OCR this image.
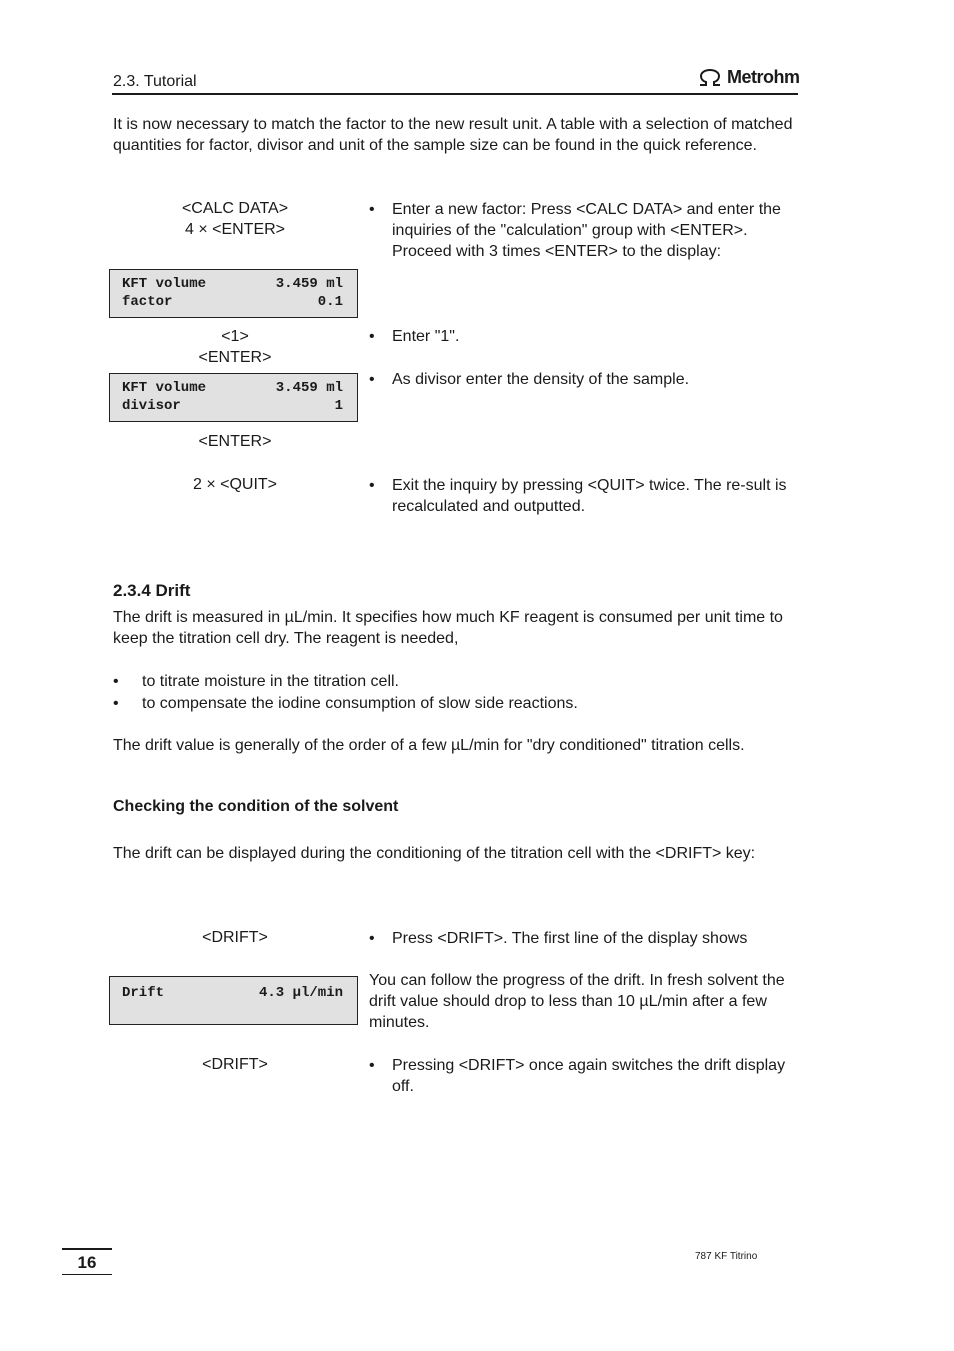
2.3. Tutorial	Metrohm
It is now necessary to match the factor to the new result unit. A table with a selection of matched quantities for factor, divisor and unit of the sample size can be found in the quick reference.
<CALC DATA>
4 × <ENTER>
• Enter a new factor: Press <CALC DATA> and enter the inquiries of the "calculation" group with <ENTER>. Proceed with 3 times <ENTER> to the display:
KFT volume	3.459 ml
factor	0.1
<1>
<ENTER>
• Enter "1".
KFT volume	3.459 ml
divisor	1
• As divisor enter the density of the sample.
<ENTER>
2 × <QUIT>	• Exit the inquiry by pressing <QUIT> twice. The re-sult is recalculated and outputted.
2.3.4 Drift
The drift is measured in µL/min. It specifies how much KF reagent is consumed per unit time to keep the titration cell dry. The reagent is needed,
• to titrate moisture in the titration cell.
• to compensate the iodine consumption of slow side reactions.
The drift value is generally of the order of a few µL/min for "dry conditioned" titration cells.
Checking the condition of the solvent
The drift can be displayed during the conditioning of the titration cell with the <DRIFT> key:
<DRIFT>	• Press <DRIFT>. The first line of the display shows
Drift	4.3 µl/min
You can follow the progress of the drift. In fresh solvent the drift value should drop to less than 10 µL/min after a few minutes.
<DRIFT>	• Pressing <DRIFT> once again switches the drift display off.
16	787 KF Titrino
